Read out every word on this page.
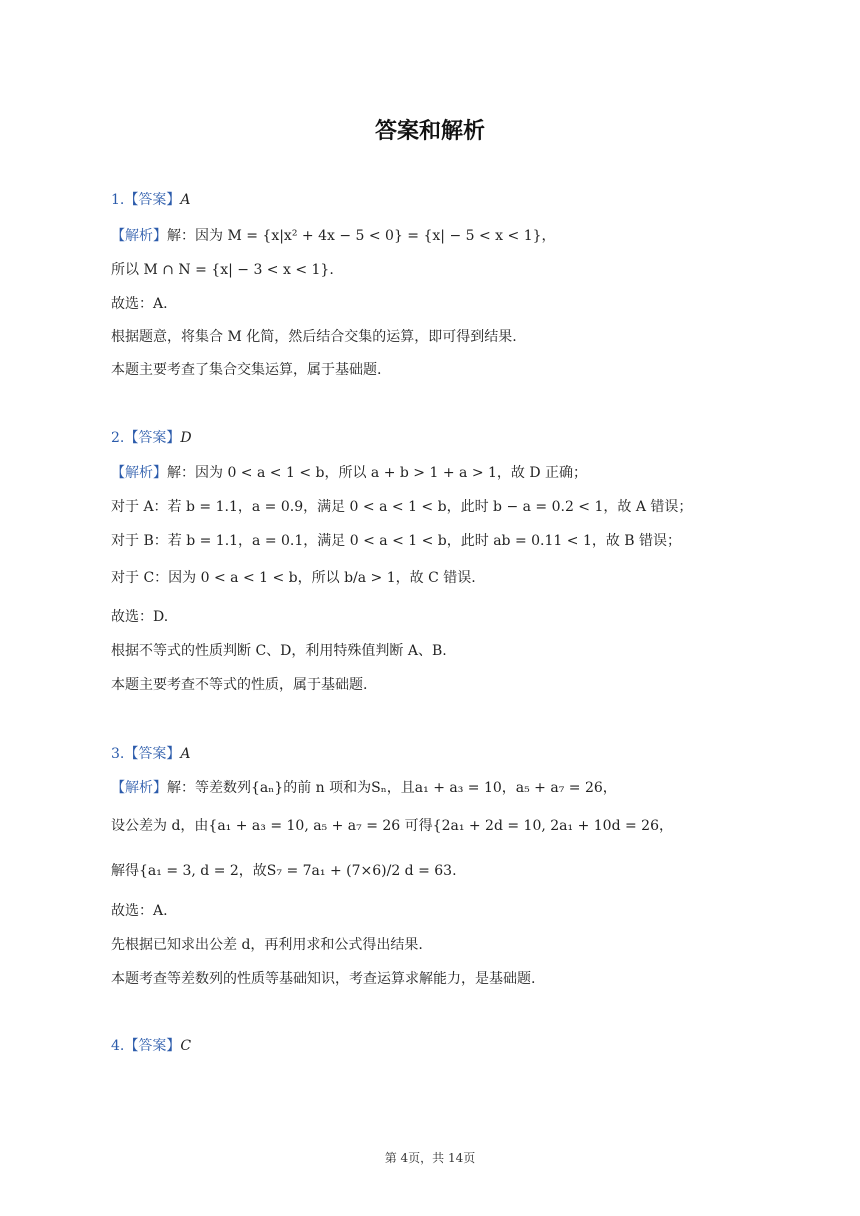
答案和解析
1.【答案】A
【解析】解：因为 M = {x|x² + 4x − 5 < 0} = {x| − 5 < x < 1}，
所以 M ∩ N = {x| − 3 < x < 1}.
故选：A.
根据题意，将集合 M 化简，然后结合交集的运算，即可得到结果.
本题主要考查了集合交集运算，属于基础题.
2.【答案】D
【解析】解：因为 0 < a < 1 < b，所以 a + b > 1 + a > 1，故 D 正确；
对于 A：若 b = 1.1，a = 0.9，满足 0 < a < 1 < b，此时 b − a = 0.2 < 1，故 A 错误；
对于 B：若 b = 1.1，a = 0.1，满足 0 < a < 1 < b，此时 ab = 0.11 < 1，故 B 错误；
对于 C：因为 0 < a < 1 < b，所以 b/a > 1，故 C 错误.
故选：D.
根据不等式的性质判断 C、D，利用特殊值判断 A、B.
本题主要考查不等式的性质，属于基础题.
3.【答案】A
【解析】解：等差数列{aₙ}的前 n 项和为Sₙ，且a₁ + a₃ = 10，a₅ + a₇ = 26，
设公差为 d，由{a₁ + a₃ = 10, a₅ + a₇ = 26 可得{2a₁ + 2d = 10, 2a₁ + 10d = 26，
解得{a₁ = 3, d = 2，故S₇ = 7a₁ + (7×6)/2 d = 63.
故选：A.
先根据已知求出公差 d，再利用求和公式得出结果.
本题考查等差数列的性质等基础知识，考查运算求解能力，是基础题.
4.【答案】C
第 4页，共 14页
